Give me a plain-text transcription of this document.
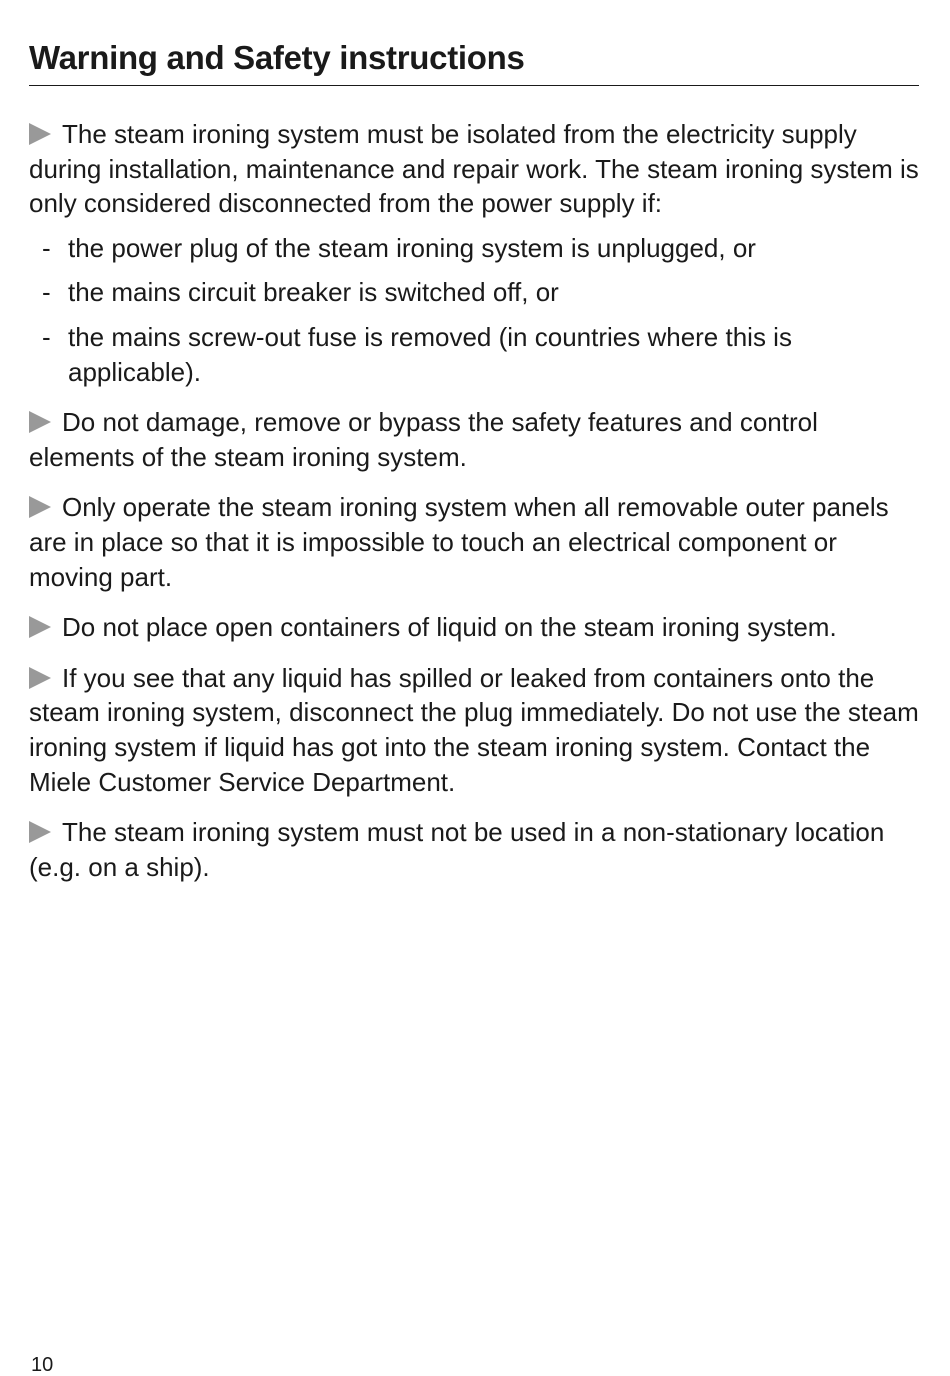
Warning and Safety instructions

The steam ironing system must be isolated from the electricity supply during installation, maintenance and repair work. The steam ironing system is only considered disconnected from the power supply if:

- the power plug of the steam ironing system is unplugged, or
- the mains circuit breaker is switched off, or
- the mains screw-out fuse is removed (in countries where this is applicable).

Do not damage, remove or bypass the safety features and control elements of the steam ironing system.

Only operate the steam ironing system when all removable outer panels are in place so that it is impossible to touch an electrical component or moving part.

Do not place open containers of liquid on the steam ironing system.

If you see that any liquid has spilled or leaked from containers onto the steam ironing system, disconnect the plug immediately. Do not use the steam ironing system if liquid has got into the steam ironing system. Contact the Miele Customer Service Department.

The steam ironing system must not be used in a non-stationary location (e.g. on a ship).

10
